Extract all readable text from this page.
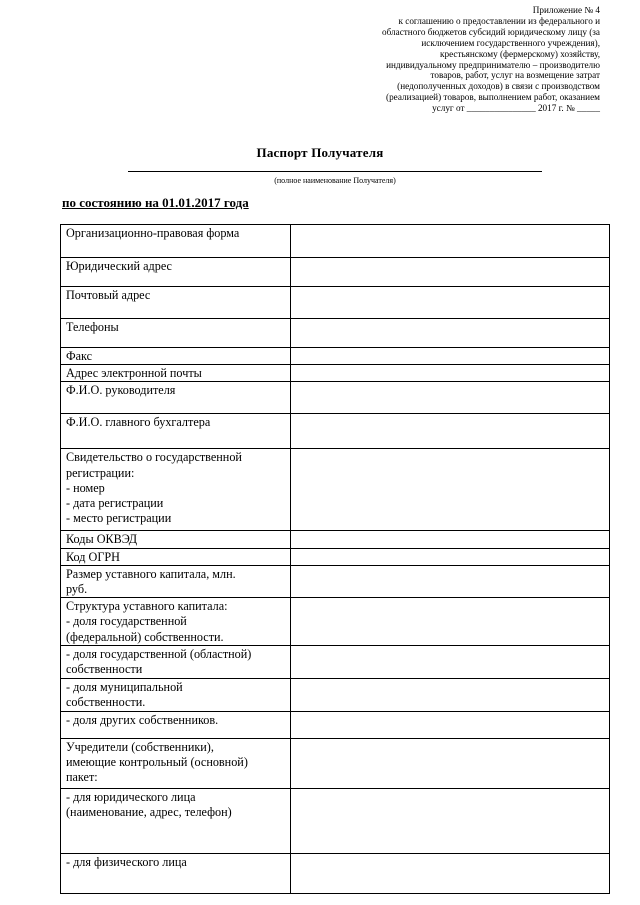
Приложение № 4
к соглашению о предоставлении из федерального и
областного бюджетов субсидий юридическому лицу (за
исключением государственного учреждения),
крестьянскому (фермерскому) хозяйству,
индивидуальному предпринимателю – производителю
товаров, работ, услуг на возмещение затрат
(недополученных доходов) в связи с производством
(реализацией) товаров, выполнением работ, оказанием
услуг от _______________ 2017 г. № _____
Паспорт Получателя
(полное наименование Получателя)
по состоянию на 01.01.2017 года
Организационно-правовая форма	
Юридический адрес	
Почтовый адрес	
Телефоны	
Факс	
Адрес электронной почты	
Ф.И.О. руководителя	
Ф.И.О. главного бухгалтера	
Свидетельство о государственной
регистрации:
- номер
- дата регистрации
- место регистрации	
Коды ОКВЭД	
Код ОГРН	
Размер уставного капитала, млн.
руб.	
Структура уставного капитала:
- доля государственной
(федеральной) собственности.	
- доля государственной (областной)
собственности	
- доля муниципальной
собственности.	
- доля других собственников.	
Учредители (собственники),
имеющие контрольный (основной)
пакет:	
- для юридического лица
(наименование, адрес, телефон)	
- для физического лица	
